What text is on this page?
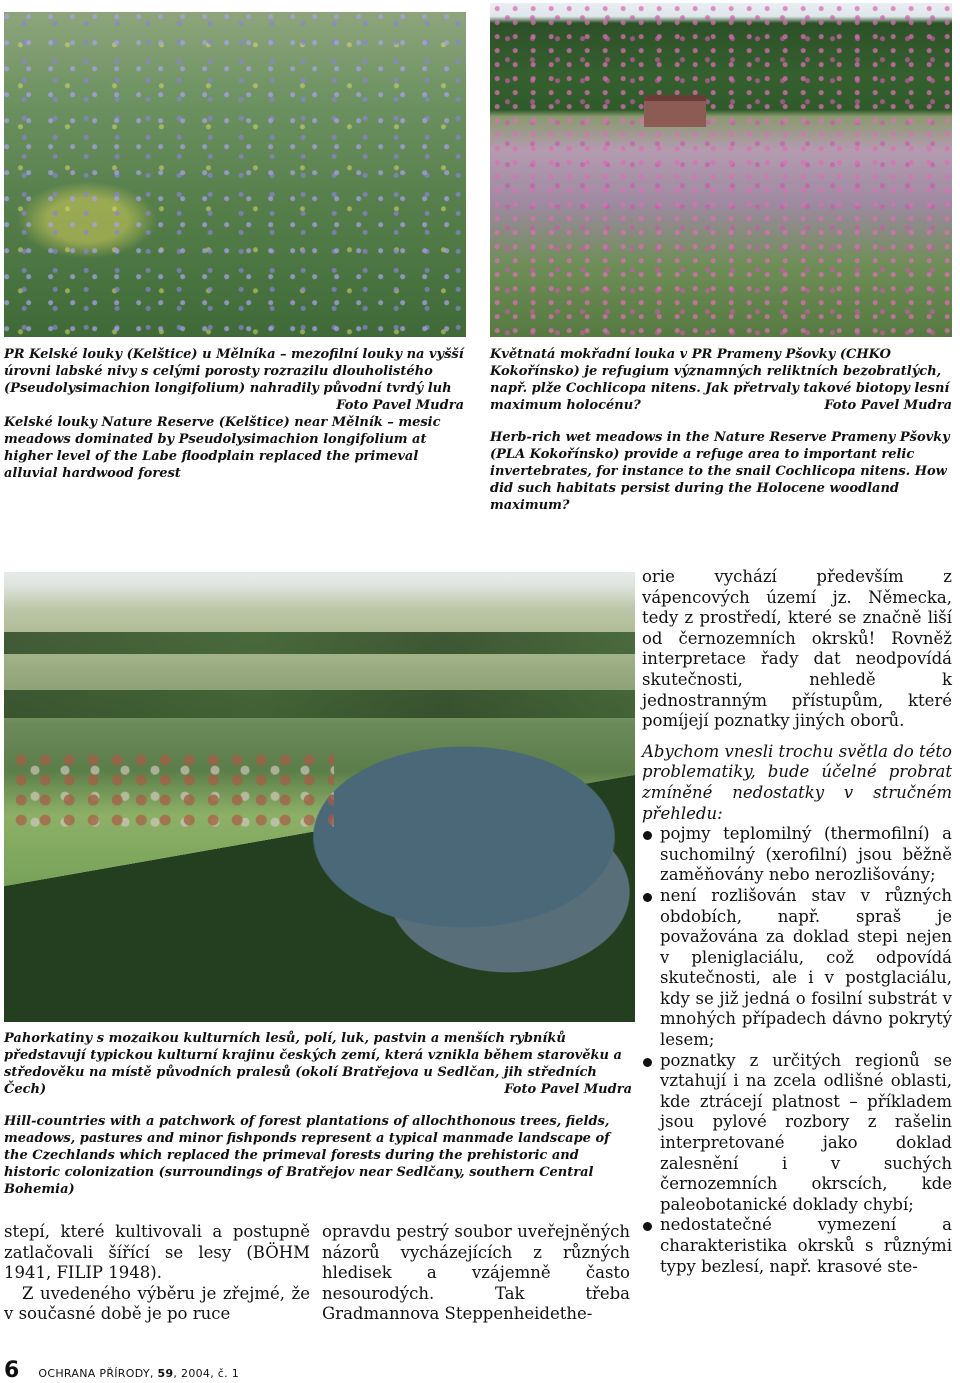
PR Kelské louky (Kelštice) u Mělníka – mezofilní louky na vyšší úrovni labské nivy s celými porosty rozrazilu dlouholistého (Pseudolysimachion longifolium) nahradily původní tvrdý luh
Foto Pavel Mudra
Kelské louky Nature Reserve (Kelštice) near Mělník – mesic meadows dominated by Pseudolysimachion longifolium at higher level of the Labe floodplain replaced the primeval alluvial hardwood forest
Květnatá mokřadní louka v PR Prameny Pšovky (CHKO Kokořínsko) je refugium významných reliktních bezobratlých, např. plže Cochlicopa nitens. Jak přetrvaly takové biotopy lesní maximum holocénu?	Foto Pavel Mudra
Herb-rich wet meadows in the Nature Reserve Prameny Pšovky (PLA Kokořínsko) provide a refuge area to important relic invertebrates, for instance to the snail Cochlicopa nitens. How did such habitats persist during the Holocene woodland maximum?
Pahorkatiny s mozaikou kulturních lesů, polí, luk, pastvin a menších rybníků představují typickou kulturní krajinu českých zemí, která vznikla během starověku a středověku na místě původních pralesů (okolí Bratřejova u Sedlčan, jih středních Čech)	Foto Pavel Mudra
Hill-countries with a patchwork of forest plantations of allochthonous trees, fields, meadows, pastures and minor fishponds represent a typical manmade landscape of the Czechlands which replaced the primeval forests during the prehistoric and historic colonization (surroundings of Bratřejov near Sedlčany, southern Central Bohemia)

stepí, které kultivovali a postupně zatlačovali šířící se lesy (BÖHM 1941, FILIP 1948).

Z uvedeného výběru je zřejmé, že v současné době je po ruce

opravdu pestrý soubor uveřejněných názorů vycházejících z různých hledisek a vzájemně často nesourodých. Tak třeba Gradmannova Steppenheidethe-

orie vychází především z vápencových území jz. Německa, tedy z prostředí, které se značně liší od černozemních okrsků! Rovněž interpretace řady dat neodpovídá skutečnosti, nehledě k jednostranným přístupům, které pomíjejí poznatky jiných oborů.

Abychom vnesli trochu světla do této problematiky, bude účelné probrat zmíněné nedostatky v stručném přehledu:

pojmy teplomilný (thermofilní) a suchomilný (xerofilní) jsou běžně zaměňovány nebo nerozlišovány;
není rozlišován stav v různých obdobích, např. spraš je považována za doklad stepi nejen v pleniglaciálu, což odpovídá skutečnosti, ale i v postglaciálu, kdy se již jedná o fosilní substrát v mnohých případech dávno pokrytý lesem;
poznatky z určitých regionů se vztahují i na zcela odlišné oblasti, kde ztrácejí platnost – příkladem jsou pylové rozbory z rašelin interpretované jako doklad zalesnění i v suchých černozemních okrscích, kde paleobotanické doklady chybí;
nedostatečné vymezení a charakteristika okrsků s různými typy bezlesí, např. krasové ste-
6 OCHRANA PŘÍRODY, 59, 2004, č. 1
